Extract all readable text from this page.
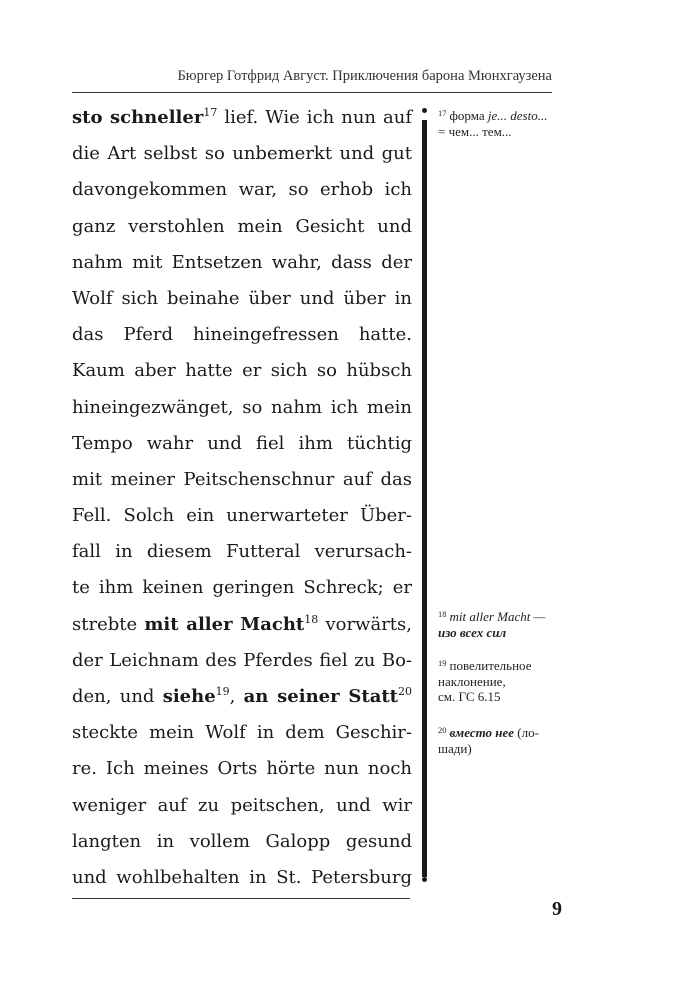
Бюргер Готфрид Август. Приключения барона Мюнхгаузена
sto schneller$^{17}$ lief. Wie ich nun auf
die Art selbst so unbemerkt und gut
davongekommen war, so erhob ich
ganz verstohlen mein Gesicht und
nahm mit Entsetzen wahr, dass der
Wolf sich beinahe über und über in
das Pferd hineingefressen hatte.
Kaum aber hatte er sich so hübsch
hineingezwänget, so nahm ich mein
Tempo wahr und fiel ihm tüchtig
mit meiner Peitschenschnur auf das
Fell. Solch ein unerwarteter Über-
fall in diesem Futteral verursach-
te ihm keinen geringen Schreck; er
strebte mit aller Macht$^{18}$ vorwärts,
der Leichnam des Pferdes fiel zu Bo-
den, und siehe$^{19}$, an seiner Statt$^{20}$
steckte mein Wolf in dem Geschir-
re. Ich meines Orts hörte nun noch
weniger auf zu peitschen, und wir
langten in vollem Galopp gesund
und wohlbehalten in St. Petersburg
$^{17}$ форма je... desto...
= чем... тем...
$^{18}$ mit aller Macht —
изо всех сил
$^{19}$ повелительное
наклонение,
см. ГС 6.15
$^{20}$ вместо нее (ло-
шади)
9
